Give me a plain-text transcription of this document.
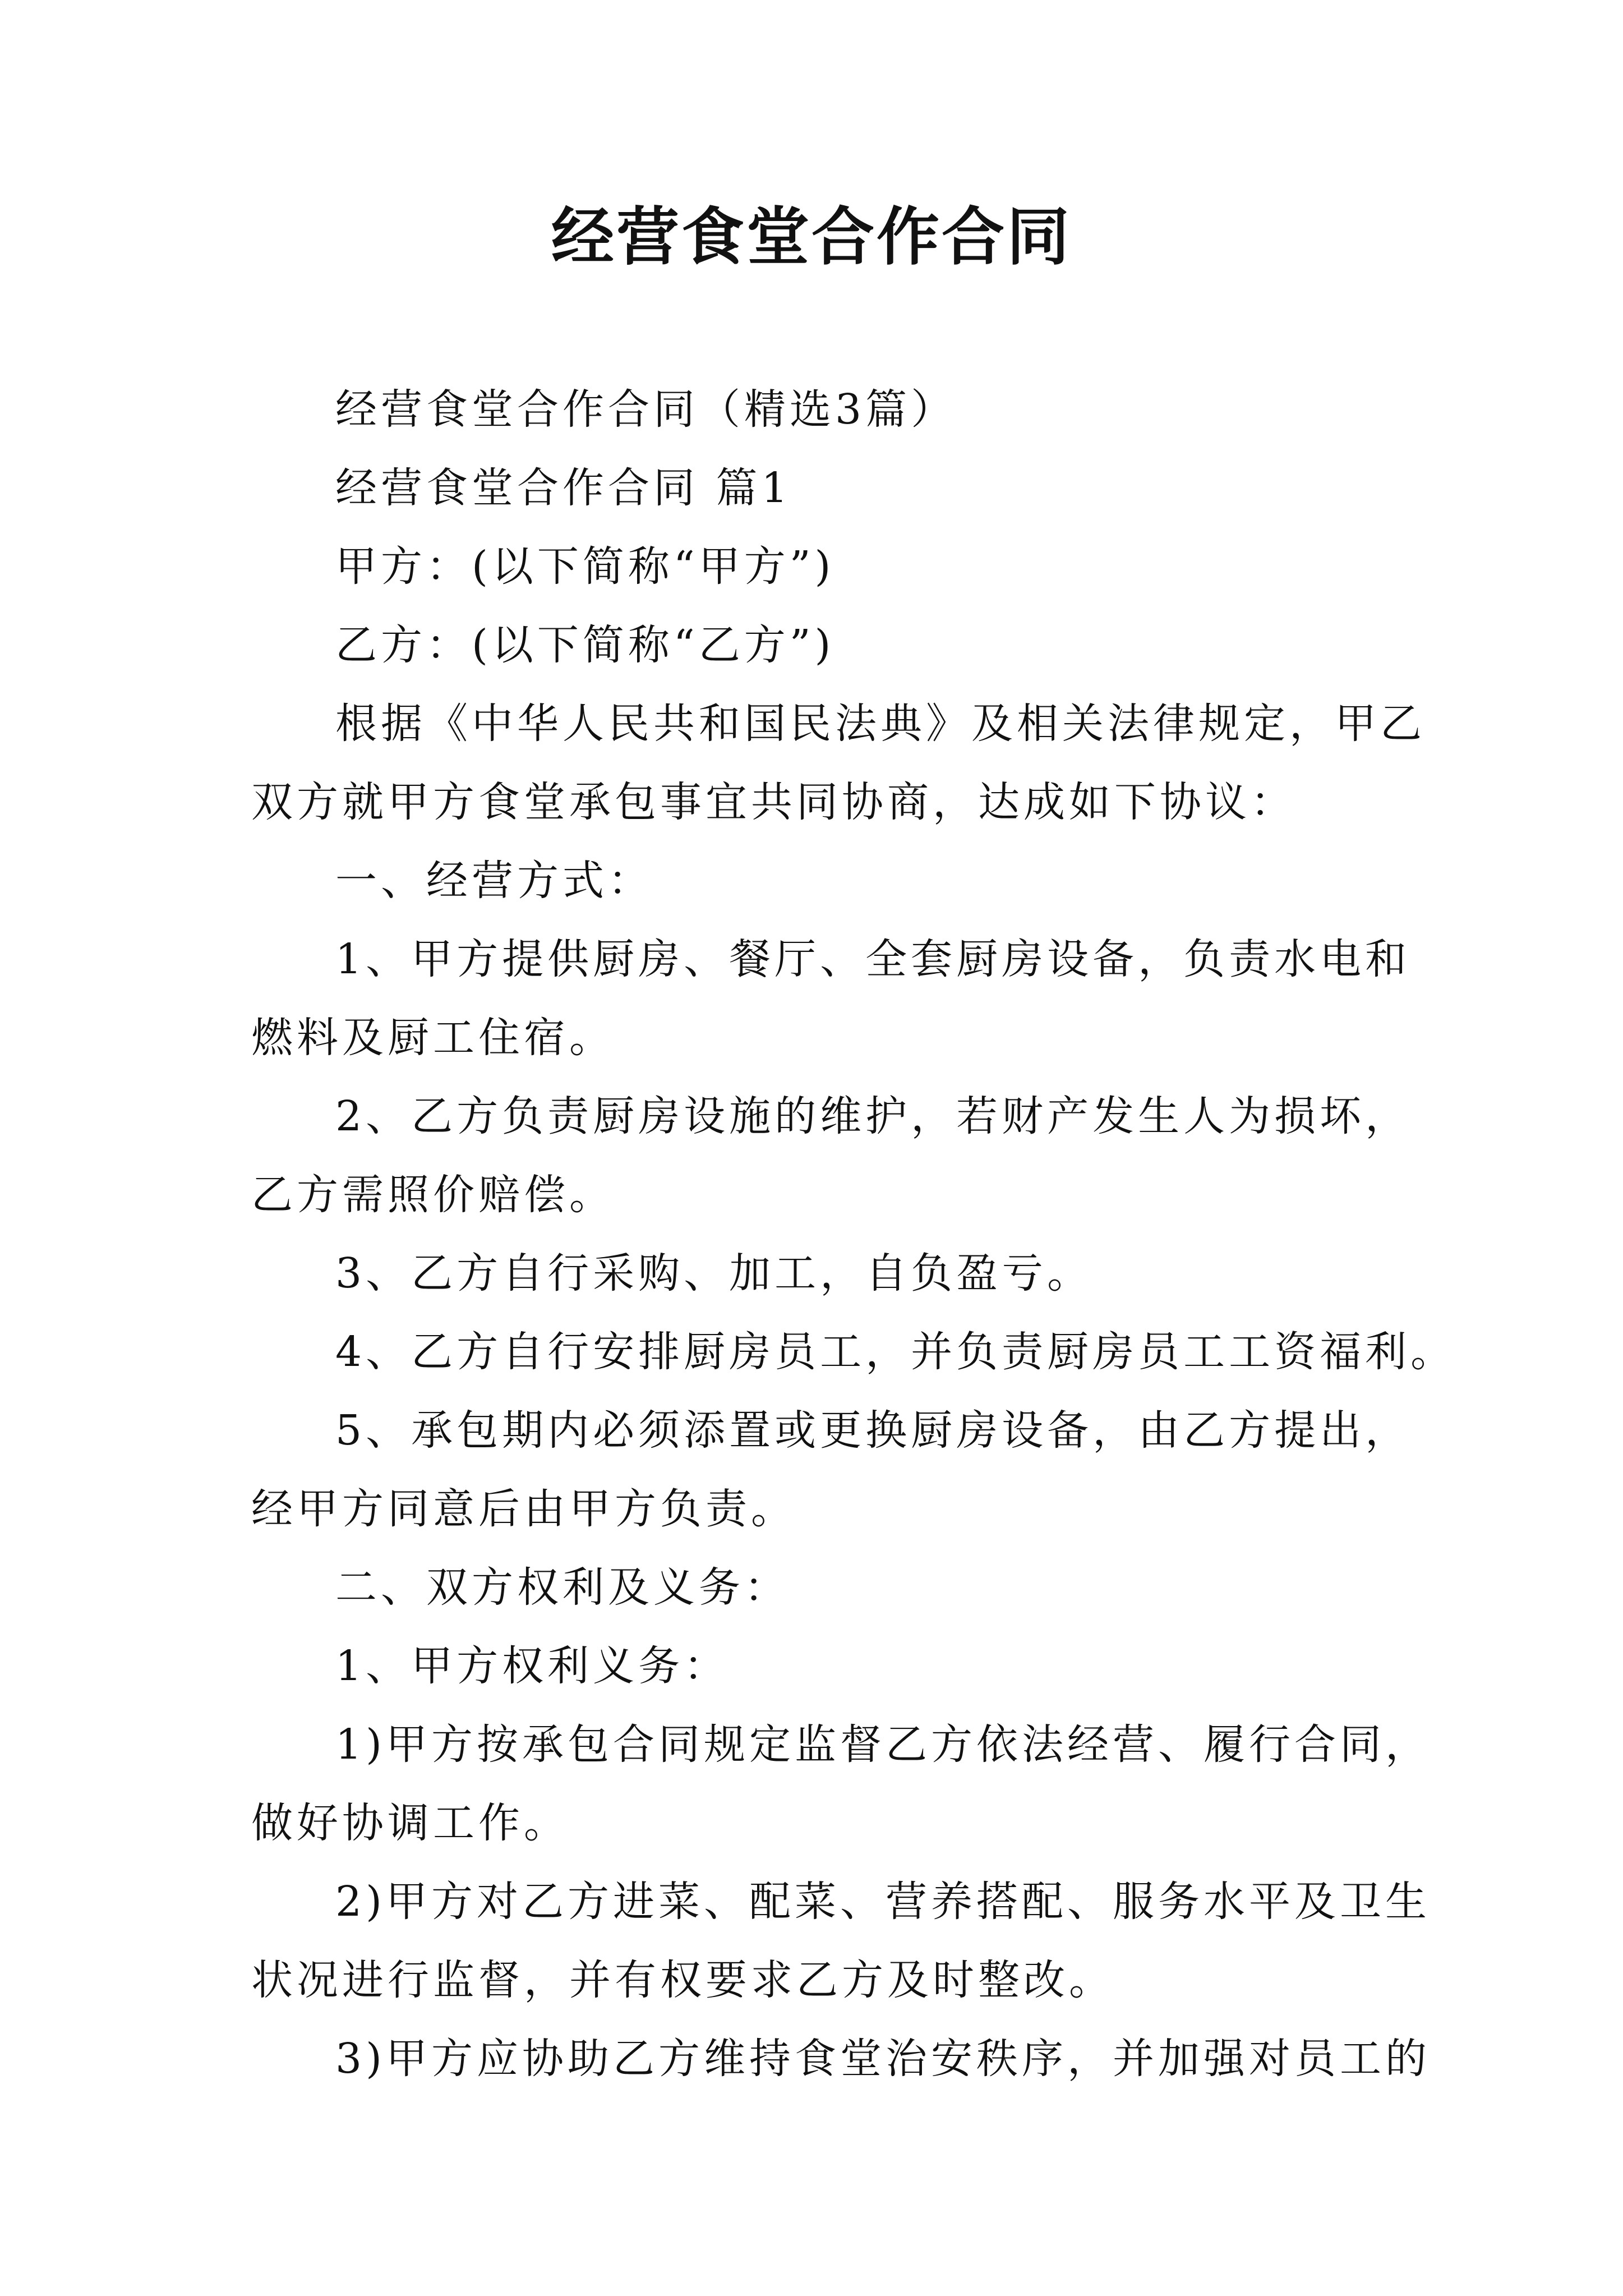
经营食堂合作合同
经营食堂合作合同（精选3篇）
经营食堂合作合同 篇1
甲方：(以下简称“甲方”)
乙方：(以下简称“乙方”)
根据《中华人民共和国民法典》及相关法律规定，甲乙
双方就甲方食堂承包事宜共同协商，达成如下协议：
一、经营方式：
1、甲方提供厨房、餐厅、全套厨房设备，负责水电和
燃料及厨工住宿。
2、乙方负责厨房设施的维护，若财产发生人为损坏，
乙方需照价赔偿。
3、乙方自行采购、加工，自负盈亏。
4、乙方自行安排厨房员工，并负责厨房员工工资福利。
5、承包期内必须添置或更换厨房设备，由乙方提出，
经甲方同意后由甲方负责。
二、双方权利及义务：
1、甲方权利义务：
1)甲方按承包合同规定监督乙方依法经营、履行合同，
做好协调工作。
2)甲方对乙方进菜、配菜、营养搭配、服务水平及卫生
状况进行监督，并有权要求乙方及时整改。
3)甲方应协助乙方维持食堂治安秩序，并加强对员工的
